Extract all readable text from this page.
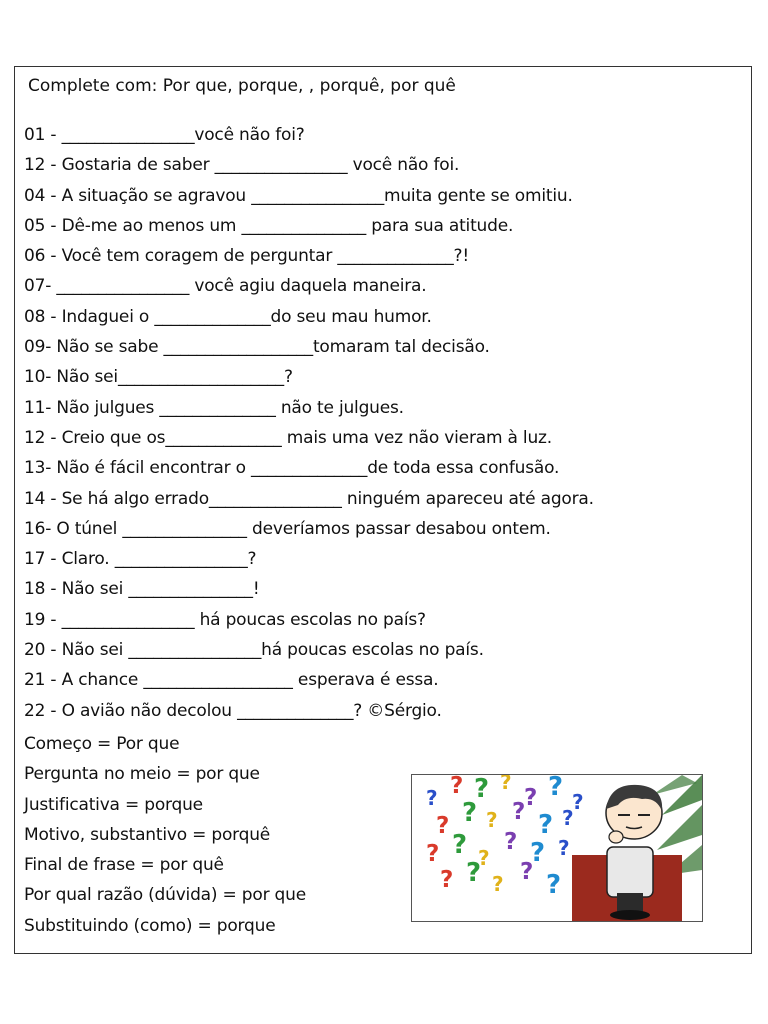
Complete com: Por que, porque, , porquê, por quê
01 - ________________você não foi?
12 - Gostaria de saber ________________ você não foi.
04 - A situação se agravou ________________muita gente se omitiu.
05 - Dê-me ao menos um _______________ para sua atitude.
06 - Você tem coragem de perguntar ______________?!
07- ________________ você agiu daquela maneira.
08 - Indaguei o ______________do seu mau humor.
09- Não se sabe __________________tomaram tal decisão.
10- Não sei____________________?
11- Não julgues ______________ não te julgues.
12 - Creio que os______________ mais uma vez não vieram à luz.
13- Não é fácil encontrar o ______________de toda essa confusão.
14 - Se há algo errado________________ ninguém apareceu até agora.
16- O túnel _______________ deveríamos passar desabou ontem.
17 - Claro. ________________?
18 - Não sei _______________!
19 - ________________ há poucas escolas no país?
20 - Não sei ________________há poucas escolas no país.
21 - A chance __________________ esperava é essa.
22 - O avião não decolou ______________? ©Sérgio.
Começo = Por que
Pergunta no meio = por que
Justificativa = porque
Motivo, substantivo = porquê
Final de frase = por quê
Por qual razão (dúvida) = por que
Substituindo (como) = porque
? ? ? ?
? ? ?
? ? ? ? ? ?
? ? ?
? ? ?
? ? ? ? ?
